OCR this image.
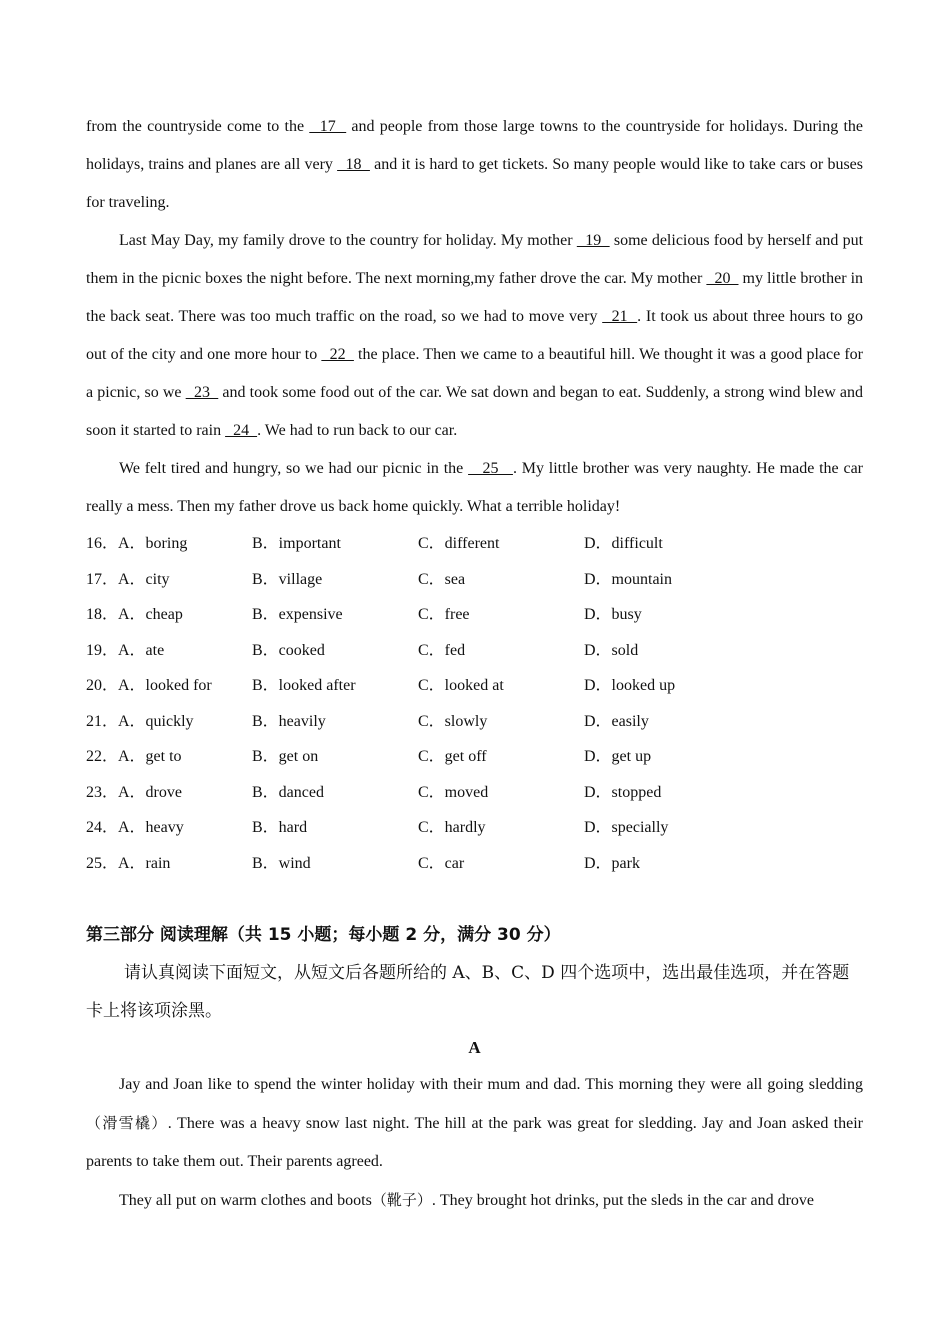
from the countryside come to the   17   and people from those large towns to the countryside for holidays. During the holidays, trains and planes are all very   18   and it is hard to get tickets. So many people would like to take cars or buses for traveling.

Last May Day, my family drove to the country for holiday. My mother   19   some delicious food by herself and put them in the picnic boxes the night before. The next morning,my father drove the car. My mother   20   my little brother in the back seat. There was too much traffic on the road, so we had to move very   21  . It took us about three hours to go out of the city and one more hour to   22   the place. Then we came to a beautiful hill. We thought it was a good place for a picnic, so we   23   and took some food out of the car. We sat down and began to eat. Suddenly, a strong wind blew and soon it started to rain   24  . We had to run back to our car.

We felt tired and hungry, so we had our picnic in the    25   . My little brother was very naughty. He made the car really a mess. Then my father drove us back home quickly. What a terrible holiday!

16．A．boring	B．important	C．different	D．difficult
17．A．city	B．village	C．sea	D．mountain
18．A．cheap	B．expensive	C．free	D．busy
19．A．ate	B．cooked	C．fed	D．sold
20．A．looked for	B．looked after	C．looked at	D．looked up
21．A．quickly	B．heavily	C．slowly	D．easily
22．A．get to	B．get on	C．get off	D．get up
23．A．drove	B．danced	C．moved	D．stopped
24．A．heavy	B．hard	C．hardly	D．specially
25．A．rain	B．wind	C．car	D．park
第三部分 阅读理解（共 15 小题；每小题 2 分，满分 30 分）

请认真阅读下面短文，从短文后各题所给的 A、B、C、D 四个选项中，选出最佳选项，并在答题卡上将该项涂黑。

A

Jay and Joan like to spend the winter holiday with their mum and dad. This morning they were all going sledding（滑雪橇）. There was a heavy snow last night. The hill at the park was great for sledding. Jay and Joan asked their parents to take them out. Their parents agreed.

They all put on warm clothes and boots（靴子）. They brought hot drinks, put the sleds in the car and drove
